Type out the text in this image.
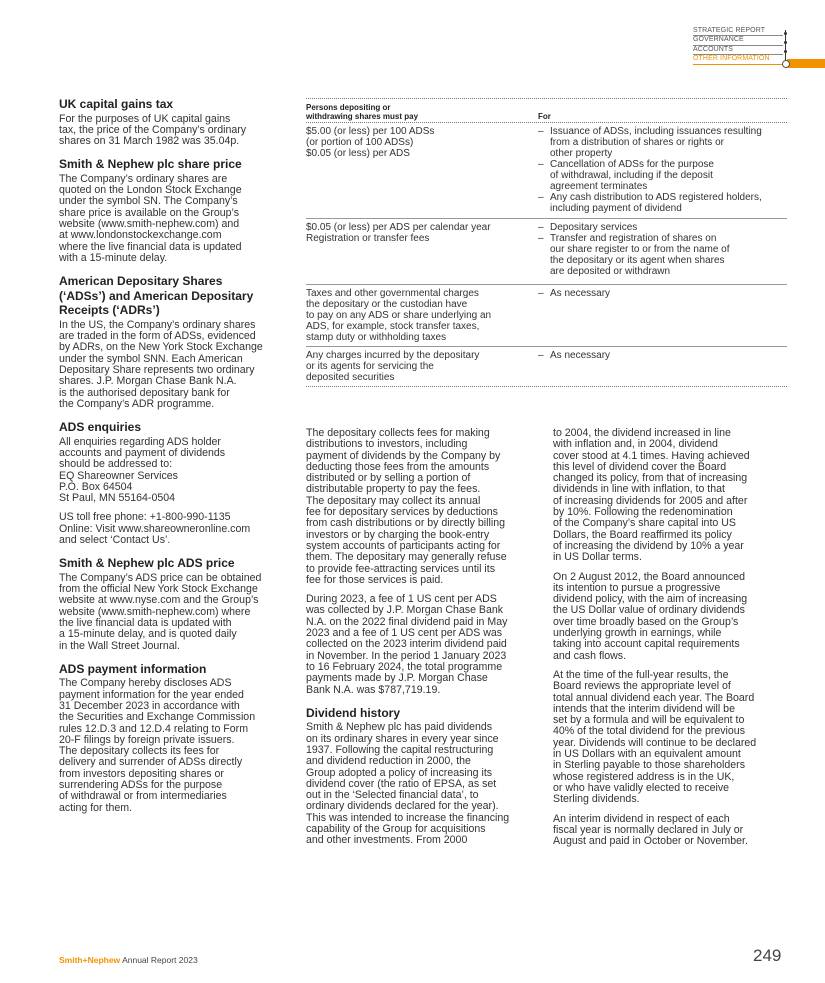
STRATEGIC REPORT
GOVERNANCE
ACCOUNTS
OTHER INFORMATION
UK capital gains tax
For the purposes of UK capital gains
tax, the price of the Company’s ordinary
shares on 31 March 1982 was 35.04p.
Smith & Nephew plc share price
The Company’s ordinary shares are
quoted on the London Stock Exchange
under the symbol SN. The Company’s
share price is available on the Group’s
website (www.smith-nephew.com) and
at www.londonstockexchange.com
where the live financial data is updated
with a 15-minute delay.
American Depositary Shares
(‘ADSs’) and American Depositary
Receipts (‘ADRs’)
In the US, the Company’s ordinary shares
are traded in the form of ADSs, evidenced
by ADRs, on the New York Stock Exchange
under the symbol SNN. Each American
Depositary Share represents two ordinary
shares. J.P. Morgan Chase Bank N.A.
is the authorised depositary bank for
the Company’s ADR programme.
ADS enquiries

All enquiries regarding ADS holder
accounts and payment of dividends
should be addressed to:
EQ Shareowner Services
P.O. Box 64504
St Paul, MN 55164-0504

US toll free phone: +1-800-990-1135
Online: Visit www.shareowneronline.com
and select ‘Contact Us’.
Smith & Nephew plc ADS price
The Company’s ADS price can be obtained
from the official New York Stock Exchange
website at www.nyse.com and the Group’s
website (www.smith-nephew.com) where
the live financial data is updated with
a 15-minute delay, and is quoted daily
in the Wall Street Journal.
ADS payment information
The Company hereby discloses ADS
payment information for the year ended
31 December 2023 in accordance with
the Securities and Exchange Commission
rules 12.D.3 and 12.D.4 relating to Form
20-F filings by foreign private issuers.
The depositary collects its fees for
delivery and surrender of ADSs directly
from investors depositing shares or
surrendering ADSs for the purpose
of withdrawal or from intermediaries
acting for them.
Persons depositing or
withdrawing shares must pay	For
$5.00 (or less) per 100 ADSs
(or portion of 100 ADSs)
$0.05 (or less) per ADS
– Issuance of ADSs, including issuances resulting
from a distribution of shares or rights or
other property
– Cancellation of ADSs for the purpose
of withdrawal, including if the deposit
agreement terminates
– Any cash distribution to ADS registered holders,
including payment of dividend
$0.05 (or less) per ADS per calendar year
Registration or transfer fees
– Depositary services
– Transfer and registration of shares on
our share register to or from the name of
the depositary or its agent when shares
are deposited or withdrawn
Taxes and other governmental charges
the depositary or the custodian have
to pay on any ADS or share underlying an
ADS, for example, stock transfer taxes,
stamp duty or withholding taxes
– As necessary
Any charges incurred by the depositary
or its agents for servicing the
deposited securities
– As necessary

The depositary collects fees for making
distributions to investors, including
payment of dividends by the Company by
deducting those fees from the amounts
distributed or by selling a portion of
distributable property to pay the fees.
The depositary may collect its annual
fee for depositary services by deductions
from cash distributions or by directly billing
investors or by charging the book-entry
system accounts of participants acting for
them. The depositary may generally refuse
to provide fee-attracting services until its
fee for those services is paid.

During 2023, a fee of 1 US cent per ADS
was collected by J.P. Morgan Chase Bank
N.A. on the 2022 final dividend paid in May
2023 and a fee of 1 US cent per ADS was
collected on the 2023 interim dividend paid
in November. In the period 1 January 2023
to 16 February 2024, the total programme
payments made by J.P. Morgan Chase
Bank N.A. was $787,719.19.

Dividend history
Smith & Nephew plc has paid dividends
on its ordinary shares in every year since
1937. Following the capital restructuring
and dividend reduction in 2000, the
Group adopted a policy of increasing its
dividend cover (the ratio of EPSA, as set
out in the ‘Selected financial data’, to
ordinary dividends declared for the year).
This was intended to increase the financing
capability of the Group for acquisitions
and other investments. From 2000

to 2004, the dividend increased in line
with inflation and, in 2004, dividend
cover stood at 4.1 times. Having achieved
this level of dividend cover the Board
changed its policy, from that of increasing
dividends in line with inflation, to that
of increasing dividends for 2005 and after
by 10%. Following the redenomination
of the Company’s share capital into US
Dollars, the Board reaffirmed its policy
of increasing the dividend by 10% a year
in US Dollar terms.

On 2 August 2012, the Board announced
its intention to pursue a progressive
dividend policy, with the aim of increasing
the US Dollar value of ordinary dividends
over time broadly based on the Group’s
underlying growth in earnings, while
taking into account capital requirements
and cash flows.

At the time of the full-year results, the
Board reviews the appropriate level of
total annual dividend each year. The Board
intends that the interim dividend will be
set by a formula and will be equivalent to
40% of the total dividend for the previous
year. Dividends will continue to be declared
in US Dollars with an equivalent amount
in Sterling payable to those shareholders
whose registered address is in the UK,
or who have validly elected to receive
Sterling dividends.

An interim dividend in respect of each
fiscal year is normally declared in July or
August and paid in October or November.

Smith+Nephew Annual Report 2023	249
